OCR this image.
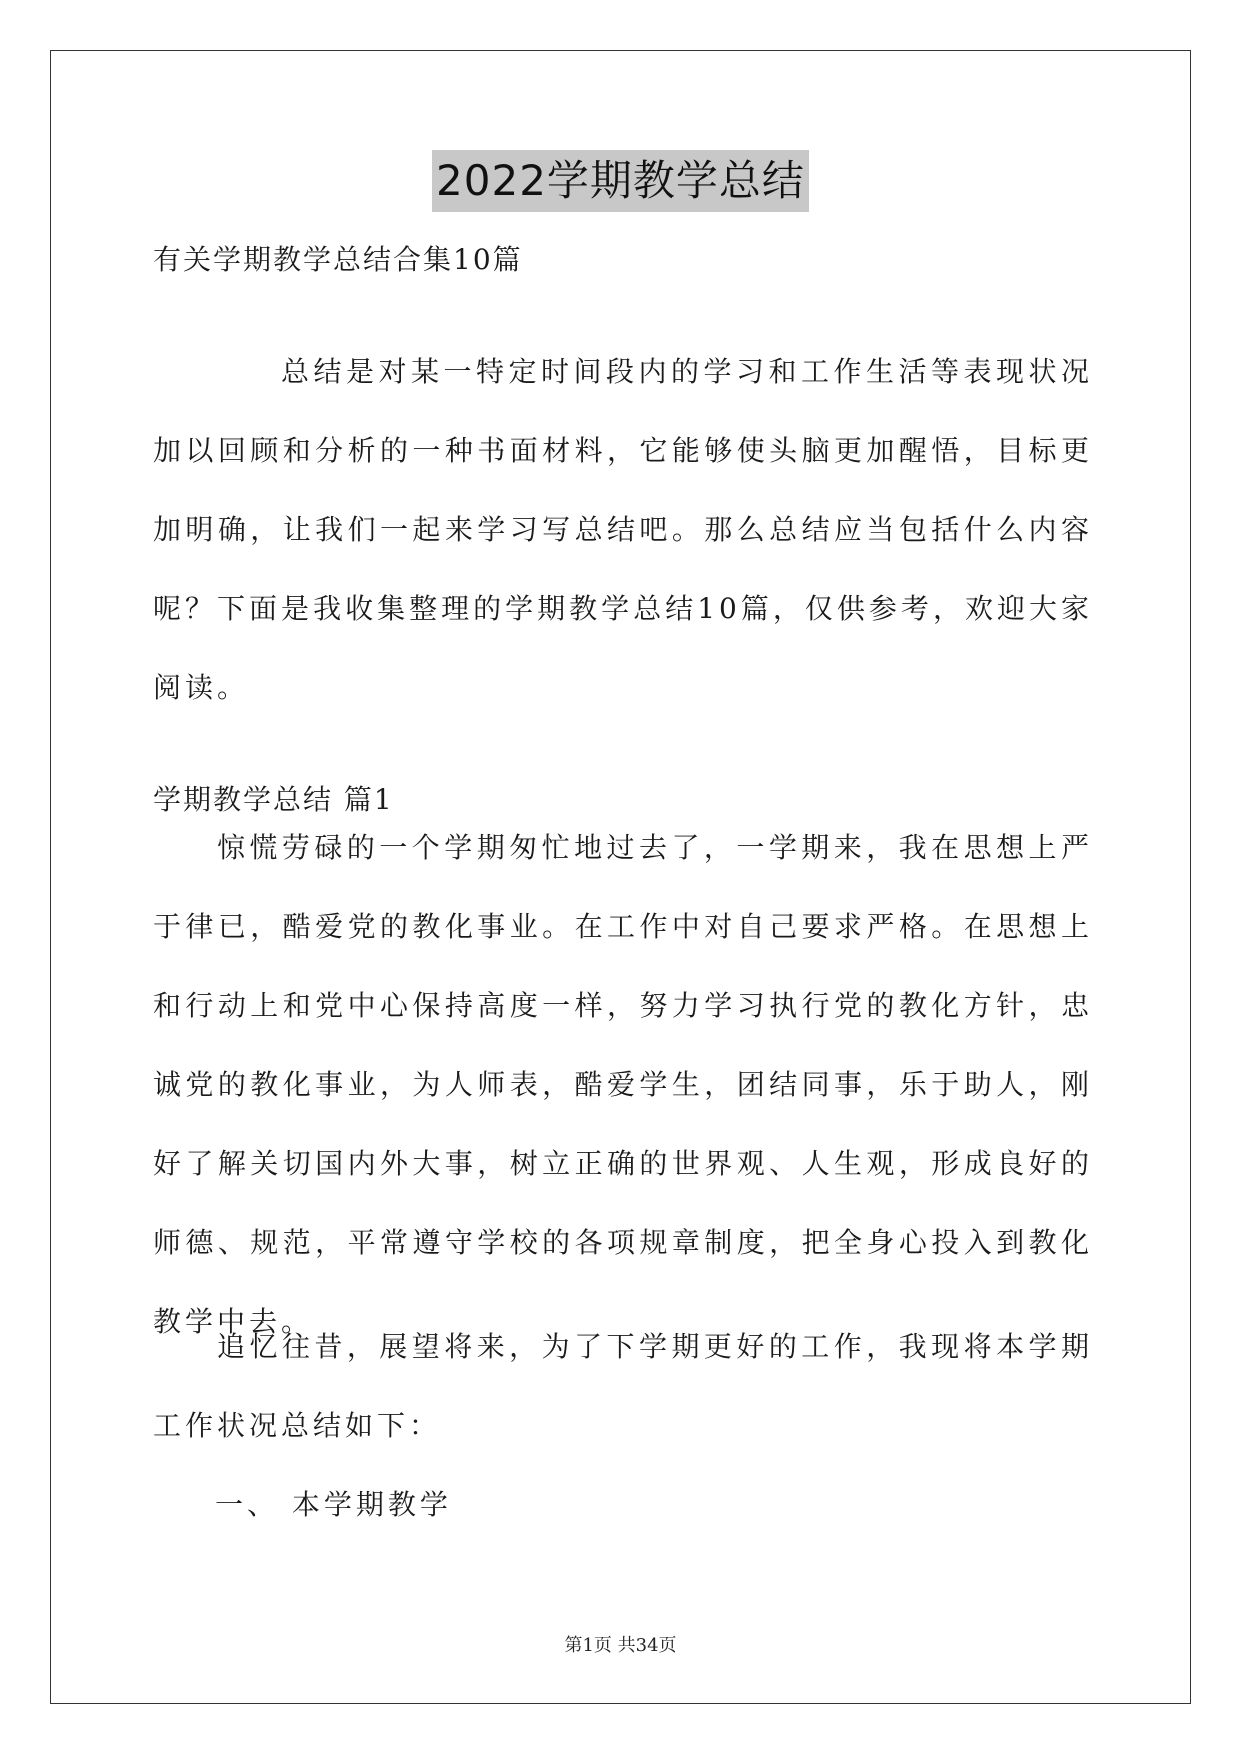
2022学期教学总结
有关学期教学总结合集10篇

总结是对某一特定时间段内的学习和工作生活等表现状况加以回顾和分析的一种书面材料，它能够使头脑更加醒悟，目标更加明确，让我们一起来学习写总结吧。那么总结应当包括什么内容呢？下面是我收集整理的学期教学总结10篇，仅供参考，欢迎大家阅读。

学期教学总结 篇1

惊慌劳碌的一个学期匆忙地过去了，一学期来，我在思想上严于律已，酷爱党的教化事业。在工作中对自己要求严格。在思想上和行动上和党中心保持高度一样，努力学习执行党的教化方针，忠诚党的教化事业，为人师表，酷爱学生，团结同事，乐于助人，刚好了解关切国内外大事，树立正确的世界观、人生观，形成良好的师德、规范，平常遵守学校的各项规章制度，把全身心投入到教化教学中去。

追忆往昔，展望将来，为了下学期更好的工作，我现将本学期工作状况总结如下：

一、 本学期教学
第1页 共34页
